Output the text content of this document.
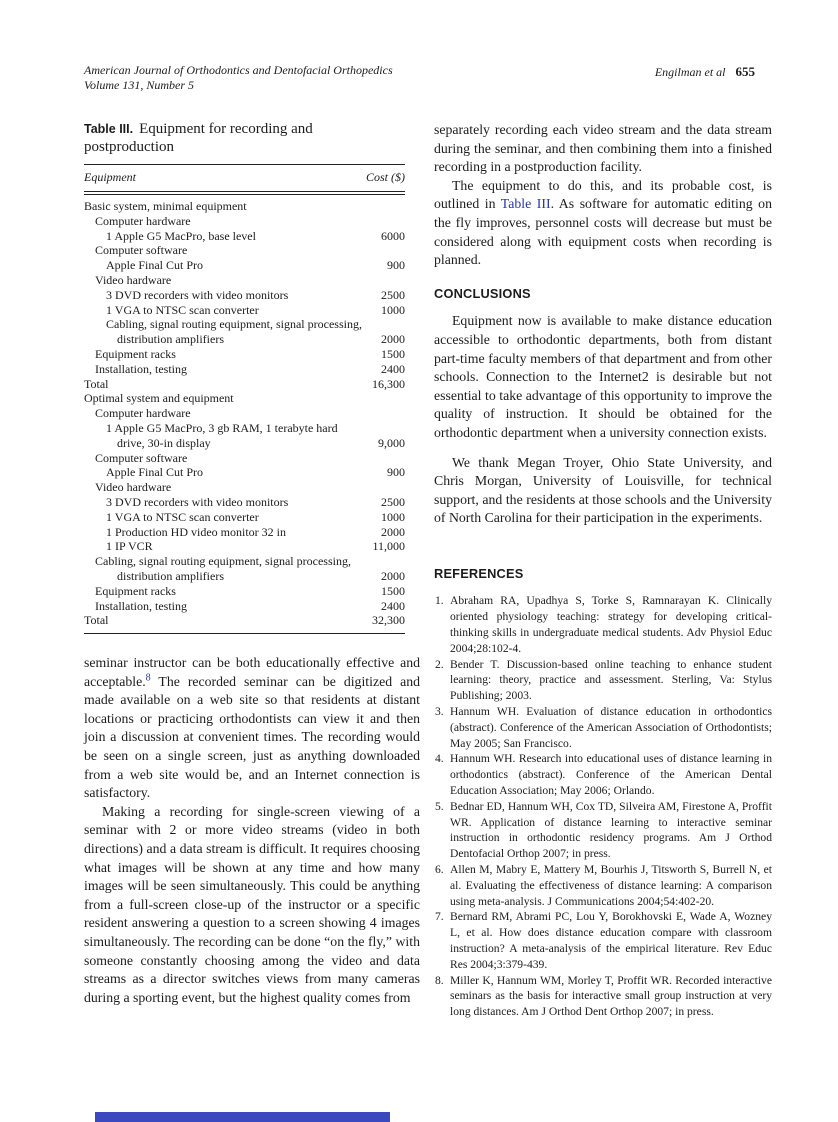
American Journal of Orthodontics and Dentofacial Orthopedics
Volume 131, Number 5
Engilman et al 655
Table III. Equipment for recording and postproduction
Equipment	Cost ($)
Basic system, minimal equipment
Computer hardware
1 Apple G5 MacPro, base level	6000
Computer software
Apple Final Cut Pro	900
Video hardware
3 DVD recorders with video monitors	2500
1 VGA to NTSC scan converter	1000
Cabling, signal routing equipment, signal processing,
distribution amplifiers	2000
Equipment racks	1500
Installation, testing	2400
Total	16,300
Optimal system and equipment
Computer hardware
1 Apple G5 MacPro, 3 gb RAM, 1 terabyte hard
drive, 30-in display	9,000
Computer software
Apple Final Cut Pro	900
Video hardware
3 DVD recorders with video monitors	2500
1 VGA to NTSC scan converter	1000
1 Production HD video monitor 32 in	2000
1 IP VCR	11,000
Cabling, signal routing equipment, signal processing,
distribution amplifiers	2000
Equipment racks	1500
Installation, testing	2400
Total	32,300

seminar instructor can be both educationally effective and acceptable.$^8$ The recorded seminar can be digitized and made available on a web site so that residents at distant locations or practicing orthodontists can view it and then join a discussion at convenient times. The recording would be seen on a single screen, just as anything downloaded from a web site would be, and an Internet connection is satisfactory.

Making a recording for single-screen viewing of a seminar with 2 or more video streams (video in both directions) and a data stream is difficult. It requires choosing what images will be shown at any time and how many images will be seen simultaneously. This could be anything from a full-screen close-up of the instructor or a specific resident answering a question to a screen showing 4 images simultaneously. The recording can be done “on the fly,” with someone constantly choosing among the video and data streams as a director switches views from many cameras during a sporting event, but the highest quality comes from

separately recording each video stream and the data stream during the seminar, and then combining them into a finished recording in a postproduction facility.

The equipment to do this, and its probable cost, is outlined in Table III. As software for automatic editing on the fly improves, personnel costs will decrease but must be considered along with equipment costs when recording is planned.

CONCLUSIONS

Equipment now is available to make distance education accessible to orthodontic departments, both from distant part-time faculty members of that department and from other schools. Connection to the Internet2 is desirable but not essential to take advantage of this opportunity to improve the quality of instruction. It should be obtained for the orthodontic department when a university connection exists.

We thank Megan Troyer, Ohio State University, and Chris Morgan, University of Louisville, for technical support, and the residents at those schools and the University of North Carolina for their participation in the experiments.

REFERENCES

1. Abraham RA, Upadhya S, Torke S, Ramnarayan K. Clinically oriented physiology teaching: strategy for developing critical-thinking skills in undergraduate medical students. Adv Physiol Educ 2004;28:102-4.

2. Bender T. Discussion-based online teaching to enhance student learning: theory, practice and assessment. Sterling, Va: Stylus Publishing; 2003.

3. Hannum WH. Evaluation of distance education in orthodontics (abstract). Conference of the American Association of Orthodontists; May 2005; San Francisco.

4. Hannum WH. Research into educational uses of distance learning in orthodontics (abstract). Conference of the American Dental Education Association; May 2006; Orlando.

5. Bednar ED, Hannum WH, Cox TD, Silveira AM, Firestone A, Proffit WR. Application of distance learning to interactive seminar instruction in orthodontic residency programs. Am J Orthod Dentofacial Orthop 2007; in press.

6. Allen M, Mabry E, Mattery M, Bourhis J, Titsworth S, Burrell N, et al. Evaluating the effectiveness of distance learning: A comparison using meta-analysis. J Communications 2004;54:402-20.

7. Bernard RM, Abrami PC, Lou Y, Borokhovski E, Wade A, Wozney L, et al. How does distance education compare with classroom instruction? A meta-analysis of the empirical literature. Rev Educ Res 2004;3:379-439.

8. Miller K, Hannum WM, Morley T, Proffit WR. Recorded interactive seminars as the basis for interactive small group instruction at very long distances. Am J Orthod Dent Orthop 2007; in press.
